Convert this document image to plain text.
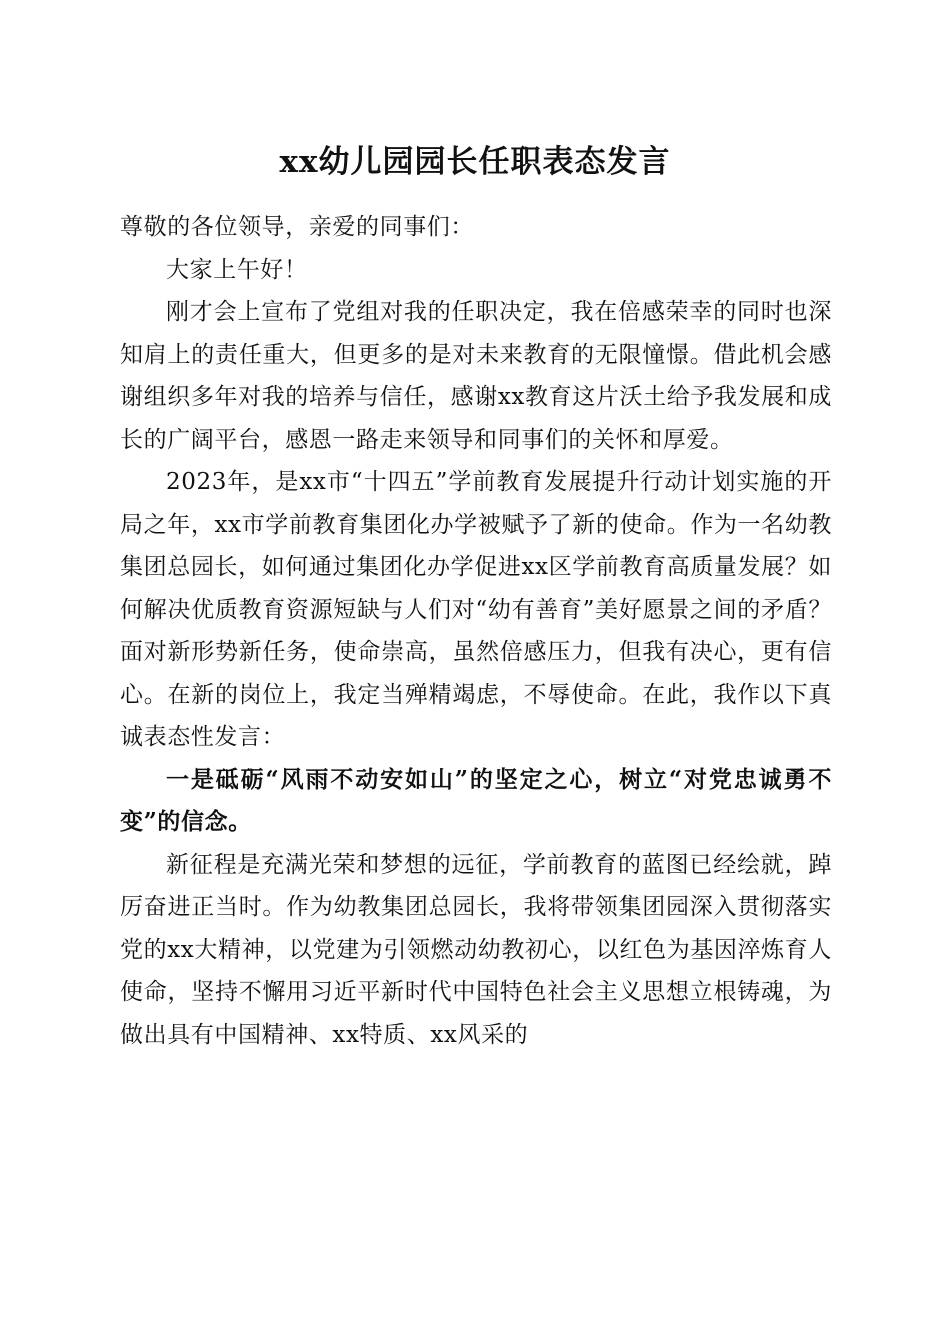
xx幼儿园园长任职表态发言

尊敬的各位领导，亲爱的同事们：

大家上午好！

刚才会上宣布了党组对我的任职决定，我在倍感荣幸的同时也深知肩上的责任重大，但更多的是对未来教育的无限憧憬。借此机会感谢组织多年对我的培养与信任，感谢xx教育这片沃土给予我发展和成长的广阔平台，感恩一路走来领导和同事们的关怀和厚爱。

2023年，是xx市“十四五”学前教育发展提升行动计划实施的开局之年，xx市学前教育集团化办学被赋予了新的使命。作为一名幼教集团总园长，如何通过集团化办学促进xx区学前教育高质量发展？如何解决优质教育资源短缺与人们对“幼有善育”美好愿景之间的矛盾？面对新形势新任务，使命崇高，虽然倍感压力，但我有决心，更有信心。在新的岗位上，我定当殚精竭虑，不辱使命。在此，我作以下真诚表态性发言：

一是砥砺“风雨不动安如山”的坚定之心，树立“对党忠诚勇不变”的信念。

新征程是充满光荣和梦想的远征，学前教育的蓝图已经绘就，踔厉奋进正当时。作为幼教集团总园长，我将带领集团园深入贯彻落实党的xx大精神，以党建为引领燃动幼教初心，以红色为基因淬炼育人使命，坚持不懈用习近平新时代中国特色社会主义思想立根铸魂，为做出具有中国精神、xx特质、xx风采的
